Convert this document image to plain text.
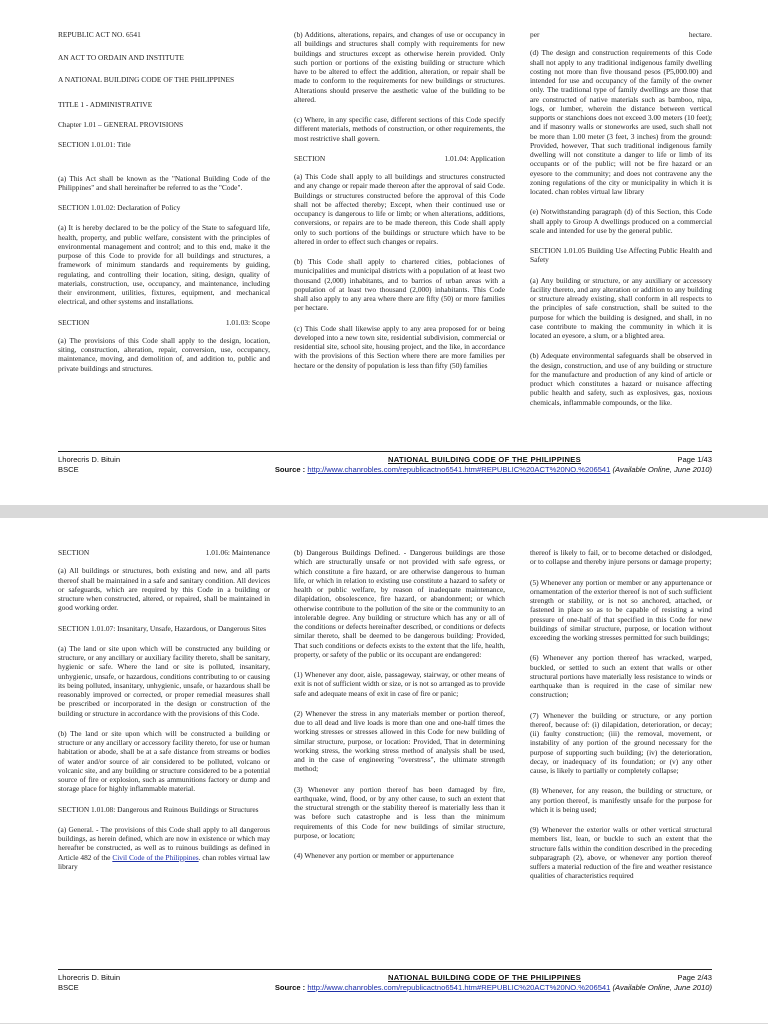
REPUBLIC ACT NO. 6541

AN ACT TO ORDAIN AND INSTITUTE

A NATIONAL BUILDING CODE OF THE PHILIPPINES

TITLE 1 - ADMINISTRATIVE

Chapter 1.01 – GENERAL PROVISIONS

SECTION 1.01.01: Title

(a) This Act shall be known as the "National Building Code of the Philippines" and shall hereinafter be referred to as the "Code".

SECTION 1.01.02: Declaration of Policy

(a) It is hereby declared to be the policy of the State to safeguard life, health, property, and public welfare, consistent with the principles of environmental management and control; and to this end, make it the purpose of this Code to provide for all buildings and structures, a framework of minimum standards and requirements by guiding, regulating, and controlling their location, siting, design, quality of materials, construction, use, occupancy, and maintenance, including their environment, utilities, fixtures, equipment, and mechanical electrical, and other systems and installations.

SECTION	1.01.03: Scope

(a) The provisions of this Code shall apply to the design, location, siting, construction, alteration, repair, conversion, use, occupancy, maintenance, moving, and demolition of, and addition to, public and private buildings and structures.

(b) Additions, alterations, repairs, and changes of use or occupancy in all buildings and structures shall comply with requirements for new buildings and structures except as otherwise herein provided. Only such portion or portions of the existing building or structure which have to be altered to effect the addition, alteration, or repair shall be made to conform to the requirements for new buildings or structures. Alterations should preserve the aesthetic value of the building to be altered.

(c) Where, in any specific case, different sections of this Code specify different materials, methods of construction, or other requirements, the most restrictive shall govern.

SECTION	1.01.04: Application

(a) This Code shall apply to all buildings and structures constructed and any change or repair made thereon after the approval of said Code. Buildings or structures constructed before the approval of this Code shall not be affected thereby; Except, when their continued use or occupancy is dangerous to life or limb; or when alterations, additions, conversions, or repairs are to be made thereon, this Code shall apply only to such portions of the buildings or structure which have to be altered in order to effect such changes or repairs.

(b) This Code shall apply to chartered cities, poblaciones of municipalities and municipal districts with a population of at least two thousand (2,000) inhabitants, and to barrios of urban areas with a population of at least two thousand (2,000) inhabitants. This Code shall also apply to any area where there are fifty (50) or more families per hectare.

(c) This Code shall likewise apply to any area proposed for or being developed into a new town site, residential subdivision, commercial or residential site, school site, housing project, and the like, in accordance with the provisions of this Section where there are more families per hectare or the density of population is less than fifty (50) families

per	hectare.

(d) The design and construction requirements of this Code shall not apply to any traditional indigenous family dwelling costing not more than five thousand pesos (P5,000.00) and intended for use and occupancy of the family of the owner only. The traditional type of family dwellings are those that are constructed of native materials such as bamboo, nipa, logs, or lumber, wherein the distance between vertical supports or stanchions does not exceed 3.00 meters (10 feet); and if masonry walls or stoneworks are used, such shall not be more than 1.00 meter (3 feet, 3 inches) from the ground: Provided, however, That such traditional indigenous family dwelling will not constitute a danger to life or limb of its occupants or of the public; will not be fire hazard or an eyesore to the community; and does not contravene any the zoning regulations of the city or municipality in which it is located. chan robles virtual law library

(e) Notwithstanding paragraph (d) of this Section, this Code shall apply to Group A dwellings produced on a commercial scale and intended for use by the general public.

SECTION 1.01.05 Building Use Affecting Public Health and Safety

(a) Any building or structure, or any auxiliary or accessory facility thereto, and any alteration or addition to any building or structure already existing, shall conform in all respects to the principles of safe construction, shall be suited to the purpose for which the building is designed, and shall, in no case contribute to making the community in which it is located an eyesore, a slum, or a blighted area.

(b) Adequate environmental safeguards shall be observed in the design, construction, and use of any building or structure for the manufacture and production of any kind of article or product which constitutes a hazard or nuisance affecting public health and safety, such as explosives, gas, noxious chemicals, inflammable compounds, or the like.

Lhorecris D. Bituin
BSCE
NATIONAL BUILDING CODE OF THE PHILIPPINES	Page 1/43
Source : http://www.chanrobles.com/republicactno6541.htm#REPUBLIC%20ACT%20NO.%206541 (Available Online, June 2010)
SECTION	1.01.06: Maintenance

(a) All buildings or structures, both existing and new, and all parts thereof shall be maintained in a safe and sanitary condition. All devices or safeguards, which are required by this Code in a building or structure when constructed, altered, or repaired, shall be maintained in good working order.

SECTION 1.01.07: Insanitary, Unsafe, Hazardous, or Dangerous Sites

(a) The land or site upon which will be constructed any building or structure, or any ancillary or auxiliary facility thereto, shall be sanitary, hygienic or safe. Where the land or site is polluted, insanitary, unhygienic, unsafe, or hazardous, conditions contributing to or causing its being polluted, insanitary, unhygienic, unsafe, or hazardous shall be reasonably improved or corrected, or proper remedial measures shall be prescribed or incorporated in the design or construction of the building or structure in accordance with the provisions of this Code.

(b) The land or site upon which will be constructed a building or structure or any ancillary or accessory facility thereto, for use or human habitation or abode, shall be at a safe distance from streams or bodies of water and/or source of air considered to be polluted, volcano or volcanic site, and any building or structure considered to be a potential source of fire or explosion, such as ammunitions factory or dump and storage place for highly inflammable material.

SECTION 1.01.08: Dangerous and Ruinous Buildings or Structures

(a) General. - The provisions of this Code shall apply to all dangerous buildings, as herein defined, which are now in existence or which may hereafter be constructed, as well as to ruinous buildings as defined in Article 482 of the Civil Code of the Philippines. chan robles virtual law library

(b) Dangerous Buildings Defined. - Dangerous buildings are those which are structurally unsafe or not provided with safe egress, or which constitute a fire hazard, or are otherwise dangerous to human life, or which in relation to existing use constitute a hazard to safety or health or public welfare, by reason of inadequate maintenance, dilapidation, obsolescence, fire hazard, or abandonment; or which otherwise contribute to the pollution of the site or the community to an intolerable degree. Any building or structure which has any or all of the conditions or defects hereinafter described, or conditions or defects similar thereto, shall be deemed to be dangerous building: Provided, That such conditions or defects exists to the extent that the life, health, property, or safety of the public or its occupant are endangered:

(1) Whenever any door, aisle, passageway, stairway, or other means of exit is not of sufficient width or size, or is not so arranged as to provide safe and adequate means of exit in case of fire or panic;

(2) Whenever the stress in any materials member or portion thereof, due to all dead and live loads is more than one and one-half times the working stresses or stresses allowed in this Code for new building of similar structure, purpose, or location: Provided, That in determining working stress, the working stress method of analysis shall be used, and in the case of engineering "overstress", the ultimate strength method;

(3) Whenever any portion thereof has been damaged by fire, earthquake, wind, flood, or by any other cause, to such an extent that the structural strength or the stability thereof is materially less than it was before such catastrophe and is less than the minimum requirements of this Code for new buildings of similar structure, purpose, or location;

(4) Whenever any portion or member or appurtenance

thereof is likely to fail, or to become detached or dislodged, or to collapse and thereby injure persons or damage property;

(5) Whenever any portion or member or any appurtenance or ornamentation of the exterior thereof is not of such sufficient strength or stability, or is not so anchored, attached, or fastened in place so as to be capable of resisting a wind pressure of one-half of that specified in this Code for new buildings of similar structure, purpose, or location without exceeding the working stresses permitted for such buildings;

(6) Whenever any portion thereof has wracked, warped, buckled, or settled to such an extent that walls or other structural portions have materially less resistance to winds or earthquake than is required in the case of similar new construction;

(7) Whenever the building or structure, or any portion thereof, because of: (i) dilapidation, deterioration, or decay; (ii) faulty construction; (iii) the removal, movement, or instability of any portion of the ground necessary for the purpose of supporting such building; (iv) the deterioration, decay, or inadequacy of its foundation; or (v) any other cause, is likely to partially or completely collapse;

(8) Whenever, for any reason, the building or structure, or any portion thereof, is manifestly unsafe for the purpose for which it is being used;

(9) Whenever the exterior walls or other vertical structural members list, lean, or buckle to such an extent that the structure falls within the condition described in the preceding subparagraph (2), above, or whenever any portion thereof suffers a material reduction of the fire and weather resistance qualities of characteristics required

Lhorecris D. Bituin
BSCE
NATIONAL BUILDING CODE OF THE PHILIPPINES	Page 2/43
Source : http://www.chanrobles.com/republicactno6541.htm#REPUBLIC%20ACT%20NO.%206541 (Available Online, June 2010)
